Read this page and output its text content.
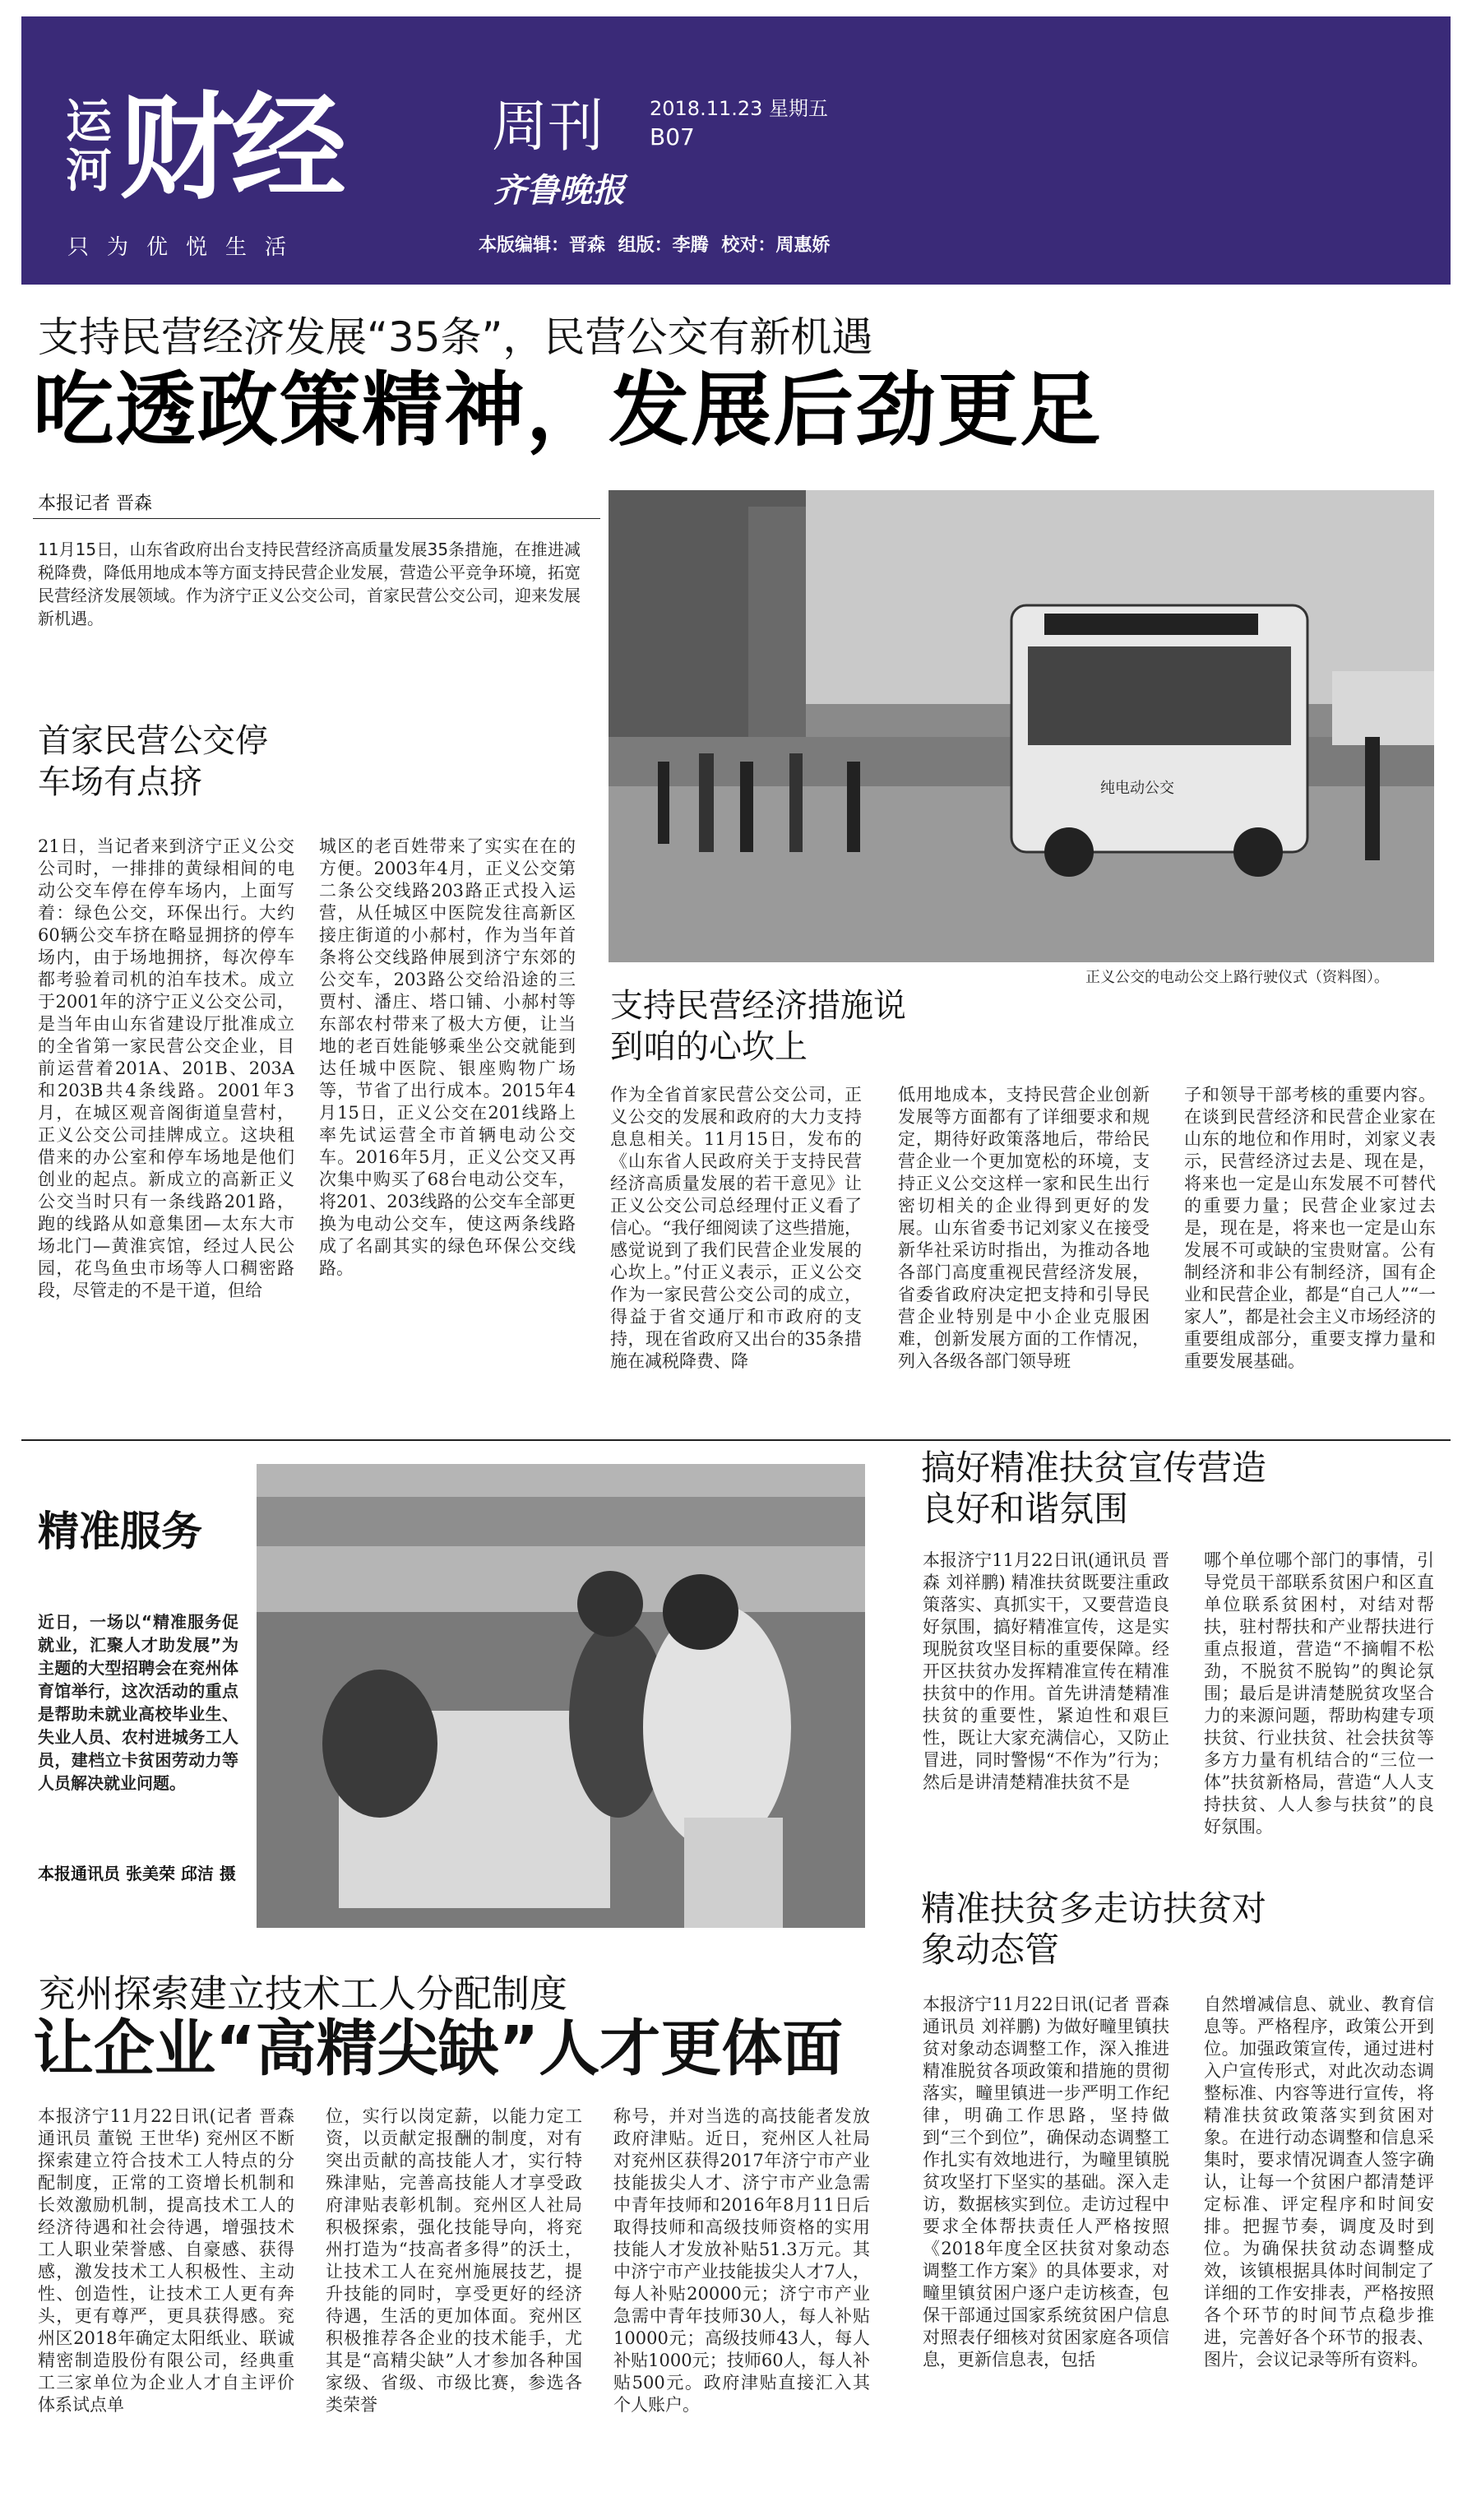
运河 财经	周刊 2018.11.23 星期五
B07
齐鲁晚报
只为优悦生活	本版编辑：晋森 组版：李腾 校对：周惠娇
支持民营经济发展“35条”，民营公交有新机遇
吃透政策精神，发展后劲更足
本报记者 晋森
11月15日，山东省政府出台支持民营经济高质量发展35条措施，在推进减税降费，降低用地成本等方面支持民营企业发展，营造公平竞争环境，拓宽民营经济发展领域。作为济宁正义公交公司，首家民营公交公司，迎来发展新机遇。
首家民营公交停车场有点挤
21日，当记者来到济宁正义公交公司时，一排排的黄绿相间的电动公交车停在停车场内，上面写着：绿色公交，环保出行。大约60辆公交车挤在略显拥挤的停车场内，由于场地拥挤，每次停车都考验着司机的泊车技术。成立于2001年的济宁正义公交公司，是当年由山东省建设厅批准成立的全省第一家民营公交企业，目前运营着201A、201B、203A和203B共4条线路。2001年3月，在城区观音阁街道皇营村，正义公交公司挂牌成立。这块租借来的办公室和停车场地是他们创业的起点。新成立的高新正义公交当时只有一条线路201路，跑的线路从如意集团—太东大市场北门—黄淮宾馆，经过人民公园，花鸟鱼虫市场等人口稠密路段，尽管走的不是干道，但给
城区的老百姓带来了实实在在的方便。2003年4月，正义公交第二条公交线路203路正式投入运营，从任城区中医院发往高新区接庄街道的小郝村，作为当年首条将公交线路伸展到济宁东郊的公交车，203路公交给沿途的三贾村、潘庄、塔口铺、小郝村等东部农村带来了极大方便，让当地的老百姓能够乘坐公交就能到达任城中医院、银座购物广场等，节省了出行成本。2015年4月15日，正义公交在201线路上率先试运营全市首辆电动公交车。2016年5月，正义公交又再次集中购买了68台电动公交车，将201、203线路的公交车全部更换为电动公交车，使这两条线路成了名副其实的绿色环保公交线路。
纯电动公交
正义公交的电动公交上路行驶仪式（资料图）。
支持民营经济措施说到咱的心坎上
作为全省首家民营公交公司，正义公交的发展和政府的大力支持息息相关。11月15日，发布的《山东省人民政府关于支持民营经济高质量发展的若干意见》让正义公交公司总经理付正义看了信心。“我仔细阅读了这些措施，感觉说到了我们民营企业发展的心坎上。”付正义表示，正义公交作为一家民营公交公司的成立，得益于省交通厅和市政府的支持，现在省政府又出台的35条措施在减税降费、降
低用地成本，支持民营企业创新发展等方面都有了详细要求和规定，期待好政策落地后，带给民营企业一个更加宽松的环境，支持正义公交这样一家和民生出行密切相关的企业得到更好的发展。山东省委书记刘家义在接受新华社采访时指出，为推动各地各部门高度重视民营经济发展，省委省政府决定把支持和引导民营企业特别是中小企业克服困难，创新发展方面的工作情况，列入各级各部门领导班
子和领导干部考核的重要内容。在谈到民营经济和民营企业家在山东的地位和作用时，刘家义表示，民营经济过去是、现在是，将来也一定是山东发展不可替代的重要力量；民营企业家过去是，现在是，将来也一定是山东发展不可或缺的宝贵财富。公有制经济和非公有制经济，国有企业和民营企业，都是“自己人”“一家人”，都是社会主义市场经济的重要组成部分，重要支撑力量和重要发展基础。
精准服务
近日，一场以“精准服务促就业，汇聚人才助发展”为主题的大型招聘会在兖州体育馆举行，这次活动的重点是帮助未就业高校毕业生、失业人员、农村进城务工人员，建档立卡贫困劳动力等人员解决就业问题。
本报通讯员 张美荣 邱洁 摄
搞好精准扶贫宣传营造良好和谐氛围
本报济宁11月22日讯(通讯员 晋森 刘祥鹏) 精准扶贫既要注重政策落实、真抓实干，又要营造良好氛围，搞好精准宣传，这是实现脱贫攻坚目标的重要保障。经开区扶贫办发挥精准宣传在精准扶贫中的作用。首先讲清楚精准扶贫的重要性，紧迫性和艰巨性，既让大家充满信心，又防止冒进，同时警惕“不作为”行为；然后是讲清楚精准扶贫不是
哪个单位哪个部门的事情，引导党员干部联系贫困户和区直单位联系贫困村，对结对帮扶，驻村帮扶和产业帮扶进行重点报道，营造“不摘帽不松劲，不脱贫不脱钩”的舆论氛围；最后是讲清楚脱贫攻坚合力的来源问题，帮助构建专项扶贫、行业扶贫、社会扶贫等多方力量有机结合的“三位一体”扶贫新格局，营造“人人支持扶贫、人人参与扶贫”的良好氛围。
精准扶贫多走访扶贫对象动态管
本报济宁11月22日讯(记者 晋森 通讯员 刘祥鹏) 为做好疃里镇扶贫对象动态调整工作，深入推进精准脱贫各项政策和措施的贯彻落实，疃里镇进一步严明工作纪律，明确工作思路，坚持做到“三个到位”，确保动态调整工作扎实有效地进行，为疃里镇脱贫攻坚打下坚实的基础。深入走访，数据核实到位。走访过程中要求全体帮扶责任人严格按照《2018年度全区扶贫对象动态调整工作方案》的具体要求，对疃里镇贫困户逐户走访核查，包保干部通过国家系统贫困户信息对照表仔细核对贫困家庭各项信息，更新信息表，包括
自然增减信息、就业、教育信息等。严格程序，政策公开到位。加强政策宣传，通过进村入户宣传形式，对此次动态调整标准、内容等进行宣传，将精准扶贫政策落实到贫困对象。在进行动态调整和信息采集时，要求情况调查人签字确认，让每一个贫困户都清楚评定标准、评定程序和时间安排。把握节奏，调度及时到位。为确保扶贫动态调整成效，该镇根据具体时间制定了详细的工作安排表，严格按照各个环节的时间节点稳步推进，完善好各个环节的报表、图片，会议记录等所有资料。
兖州探索建立技术工人分配制度
让企业“高精尖缺”人才更体面
本报济宁11月22日讯(记者 晋森 通讯员 董锐 王世华) 兖州区不断探索建立符合技术工人特点的分配制度，正常的工资增长机制和长效激励机制，提高技术工人的经济待遇和社会待遇，增强技术工人职业荣誉感、自豪感、获得感，激发技术工人积极性、主动性、创造性，让技术工人更有奔头，更有尊严，更具获得感。兖州区2018年确定太阳纸业、联诚精密制造股份有限公司，经典重工三家单位为企业人才自主评价体系试点单
位，实行以岗定薪，以能力定工资，以贡献定报酬的制度，对有突出贡献的高技能人才，实行特殊津贴，完善高技能人才享受政府津贴表彰机制。兖州区人社局积极探索，强化技能导向，将兖州打造为“技高者多得”的沃土，让技术工人在兖州施展技艺，提升技能的同时，享受更好的经济待遇，生活的更加体面。兖州区积极推荐各企业的技术能手，尤其是“高精尖缺”人才参加各种国家级、省级、市级比赛，参选各类荣誉
称号，并对当选的高技能者发放政府津贴。近日，兖州区人社局对兖州区获得2017年济宁市产业技能拔尖人才、济宁市产业急需中青年技师和2016年8月11日后取得技师和高级技师资格的实用技能人才发放补贴51.3万元。其中济宁市产业技能拔尖人才7人，每人补贴20000元；济宁市产业急需中青年技师30人，每人补贴10000元；高级技师43人，每人补贴1000元；技师60人，每人补贴500元。政府津贴直接汇入其个人账户。
